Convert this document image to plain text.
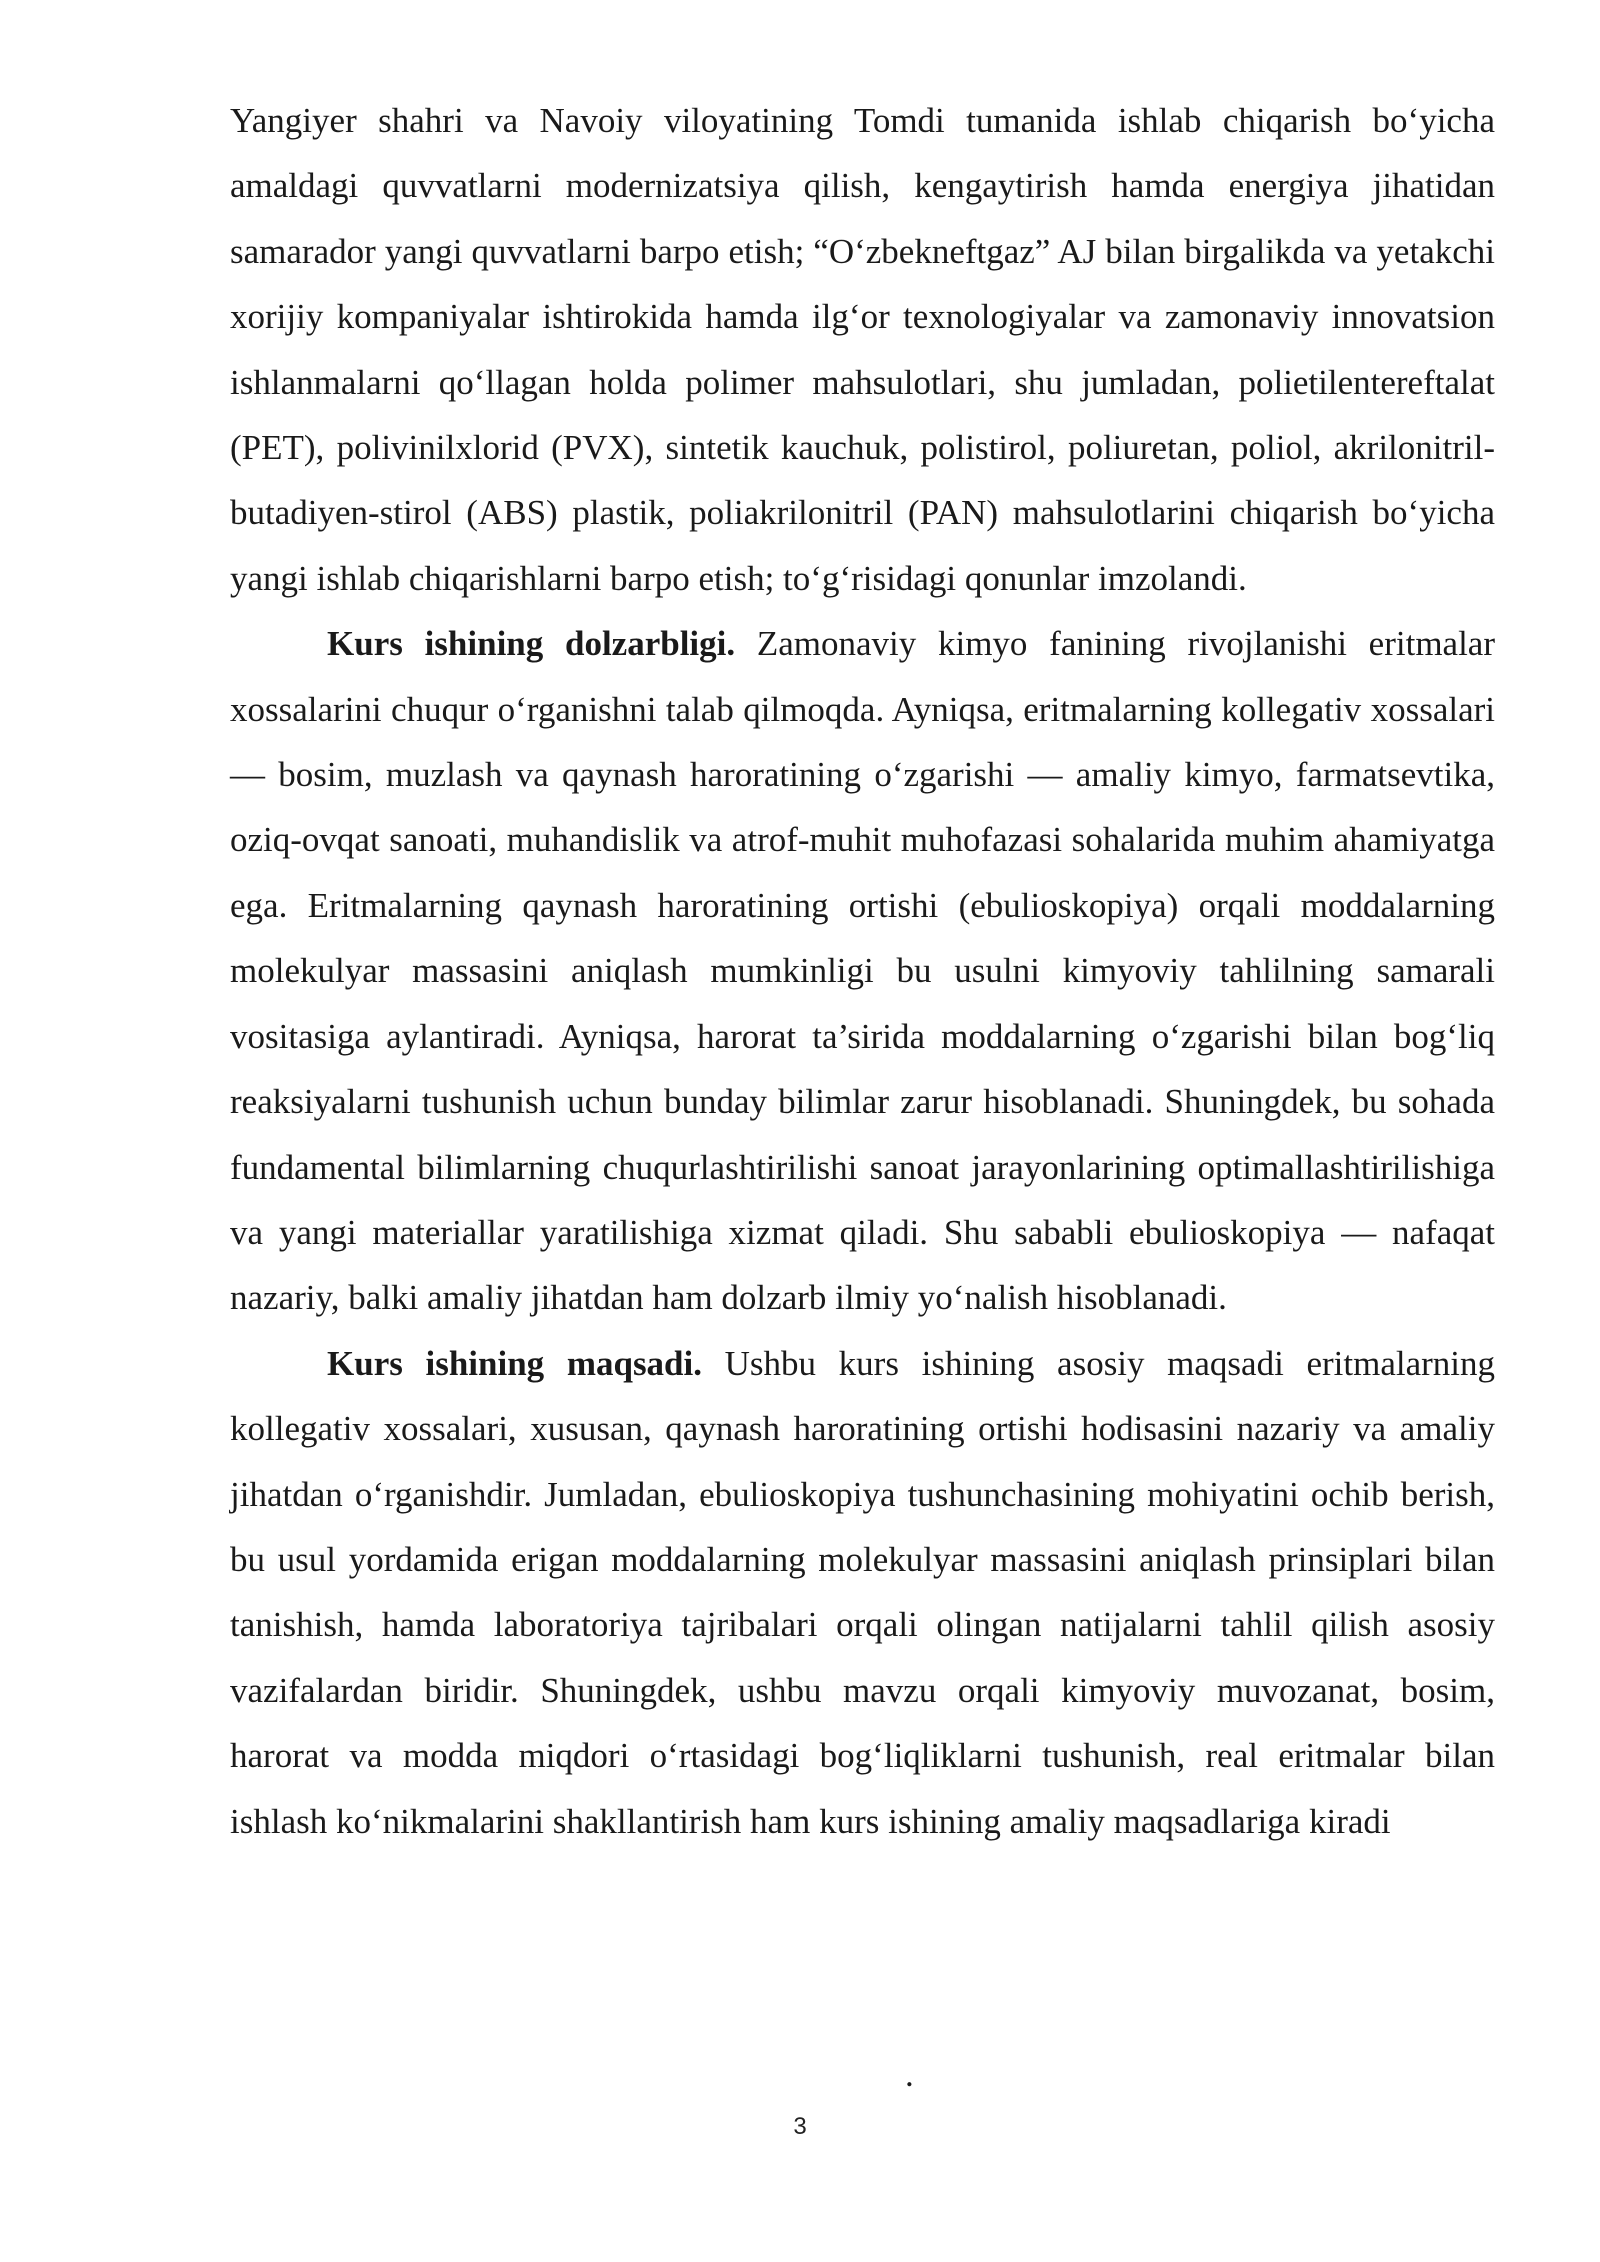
Yangiyer shahri va Navoiy viloyatining Tomdi tumanida ishlab chiqarish bo‘yicha amaldagi quvvatlarni modernizatsiya qilish, kengaytirish hamda energiya jihatidan samarador yangi quvvatlarni barpo etish; “O‘zbekneftgaz” AJ bilan birgalikda va yetakchi xorijiy kompaniyalar ishtirokida hamda ilg‘or texnologiyalar va zamonaviy innovatsion ishlanmalarni qo‘llagan holda polimer mahsulotlari, shu jumladan, polietilentereftalat (PET), polivinilxlorid (PVX), sintetik kauchuk, polistirol, poliuretan, poliol, akrilonitril-butadiyen-stirol (ABS) plastik, poliakrilonitril (PAN) mahsulotlarini chiqarish bo‘yicha yangi ishlab chiqarishlarni barpo etish; to‘g‘risidagi qonunlar imzolandi.

Kurs ishining dolzarbligi. Zamonaviy kimyo fanining rivojlanishi eritmalar xossalarini chuqur o‘rganishni talab qilmoqda. Ayniqsa, eritmalarning kollegativ xossalari — bosim, muzlash va qaynash haroratining o‘zgarishi — amaliy kimyo, farmatsevtika, oziq-ovqat sanoati, muhandislik va atrof-muhit muhofazasi sohalarida muhim ahamiyatga ega. Eritmalarning qaynash haroratining ortishi (ebulioskopiya) orqali moddalarning molekulyar massasini aniqlash mumkinligi bu usulni kimyoviy tahlilning samarali vositasiga aylantiradi. Ayniqsa, harorat ta’sirida moddalarning o‘zgarishi bilan bog‘liq reaksiyalarni tushunish uchun bunday bilimlar zarur hisoblanadi. Shuningdek, bu sohada fundamental bilimlarning chuqurlashtirilishi sanoat jarayonlarining optimallashtirilishiga va yangi materiallar yaratilishiga xizmat qiladi. Shu sababli ebulioskopiya — nafaqat nazariy, balki amaliy jihatdan ham dolzarb ilmiy yo‘nalish hisoblanadi.

Kurs ishining maqsadi. Ushbu kurs ishining asosiy maqsadi eritmalarning kollegativ xossalari, xususan, qaynash haroratining ortishi hodisasini nazariy va amaliy jihatdan o‘rganishdir. Jumladan, ebulioskopiya tushunchasining mohiyatini ochib berish, bu usul yordamida erigan moddalarning molekulyar massasini aniqlash prinsiplari bilan tanishish, hamda laboratoriya tajribalari orqali olingan natijalarni tahlil qilish asosiy vazifalardan biridir. Shuningdek, ushbu mavzu orqali kimyoviy muvozanat, bosim, harorat va modda miqdori o‘rtasidagi bog‘liqliklarni tushunish, real eritmalar bilan ishlash ko‘nikmalarini shakllantirish ham kurs ishining amaliy maqsadlariga kiradi

.
3
